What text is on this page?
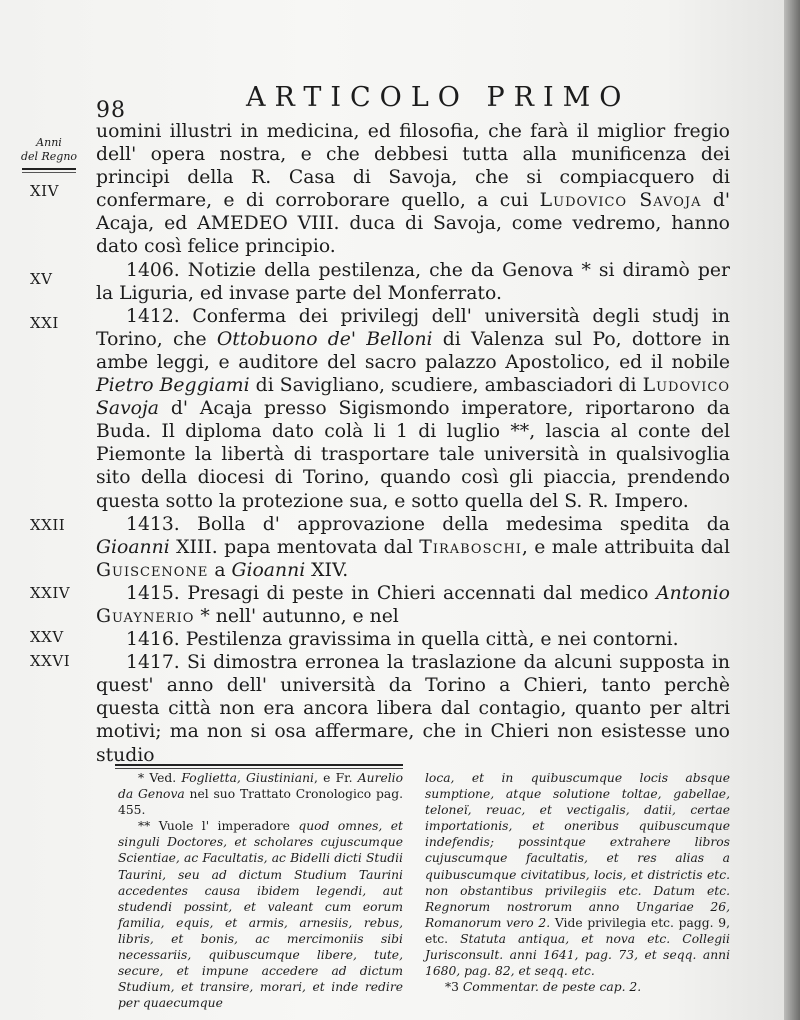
98	ARTICOLO PRIMO
Anni
del Regno
XIV
XV
XXI
XXII
XXIV
XXV
XXVI

uomini illustri in medicina, ed filosofia, che farà il miglior fregio dell' opera nostra, e che debbesi tutta alla munificenza dei principi della R. Casa di Savoja, che si compiacquero di confermare, e di corroborare quello, a cui Ludovico Savoja d' Acaja, ed AMEDEO VIII. duca di Savoja, come vedremo, hanno dato così felice principio.

1406. Notizie della pestilenza, che da Genova * si diramò per la Liguria, ed invase parte del Monferrato.

1412. Conferma dei privilegj dell' università degli studj in Torino, che Ottobuono de' Belloni di Valenza sul Po, dottore in ambe leggi, e auditore del sacro palazzo Apostolico, ed il nobile Pietro Beggiami di Savigliano, scudiere, ambasciadori di Ludovico Savoja d' Acaja presso Sigismondo imperatore, riportarono da Buda. Il diploma dato colà li 1 di luglio **, lascia al conte del Piemonte la libertà di trasportare tale università in qualsivoglia sito della diocesi di Torino, quando così gli piaccia, prendendo questa sotto la protezione sua, e sotto quella del S. R. Impero.

1413. Bolla d' approvazione della medesima spedita da Gioanni XIII. papa mentovata dal Tiraboschi, e male attribuita dal Guiscenone a Gioanni XIV.

1415. Presagi di peste in Chieri accennati dal medico Antonio Guaynerio * nell' autunno, e nel

1416. Pestilenza gravissima in quella città, e nei contorni.

1417. Si dimostra erronea la traslazione da alcuni supposta in quest' anno dell' università da Torino a Chieri, tanto perchè questa città non era ancora libera dal contagio, quanto per altri motivi; ma non si osa affermare, che in Chieri non esistesse uno studio

* Ved. Foglietta, Giustiniani, e Fr. Aurelio da Genova nel suo Trattato Cronologico pag. 455.

** Vuole l' imperadore quod omnes, et singuli Doctores, et scholares cujuscumque Scientiae, ac Facultatis, ac Bidelli dicti Studii Taurini, seu ad dictum Studium Taurini accedentes causa ibidem legendi, aut studendi possint, et valeant cum eorum familia, equis, et armis, arnesiis, rebus, libris, et bonis, ac mercimoniis sibi necessariis, quibuscumque libere, tute, secure, et impune accedere ad dictum Studium, et transire, morari, et inde redire per quaecumque

loca, et in quibuscumque locis absque sumptione, atque solutione toltae, gabellae, teloneï, reuac, et vectigalis, datii, certae importationis, et oneribus quibuscumque indefendis; possintque extrahere libros cujuscumque facultatis, et res alias a quibuscumque civitatibus, locis, et districtis etc. non obstantibus privilegiis etc. Datum etc. Regnorum nostrorum anno Ungariae 26, Romanorum vero 2. Vide privilegia etc. pagg. 9, etc. Statuta antiqua, et nova etc. Collegii Jurisconsult. anni 1641, pag. 73, et seqq. anni 1680, pag. 82, et seqq. etc.

*3 Commentar. de peste cap. 2.
